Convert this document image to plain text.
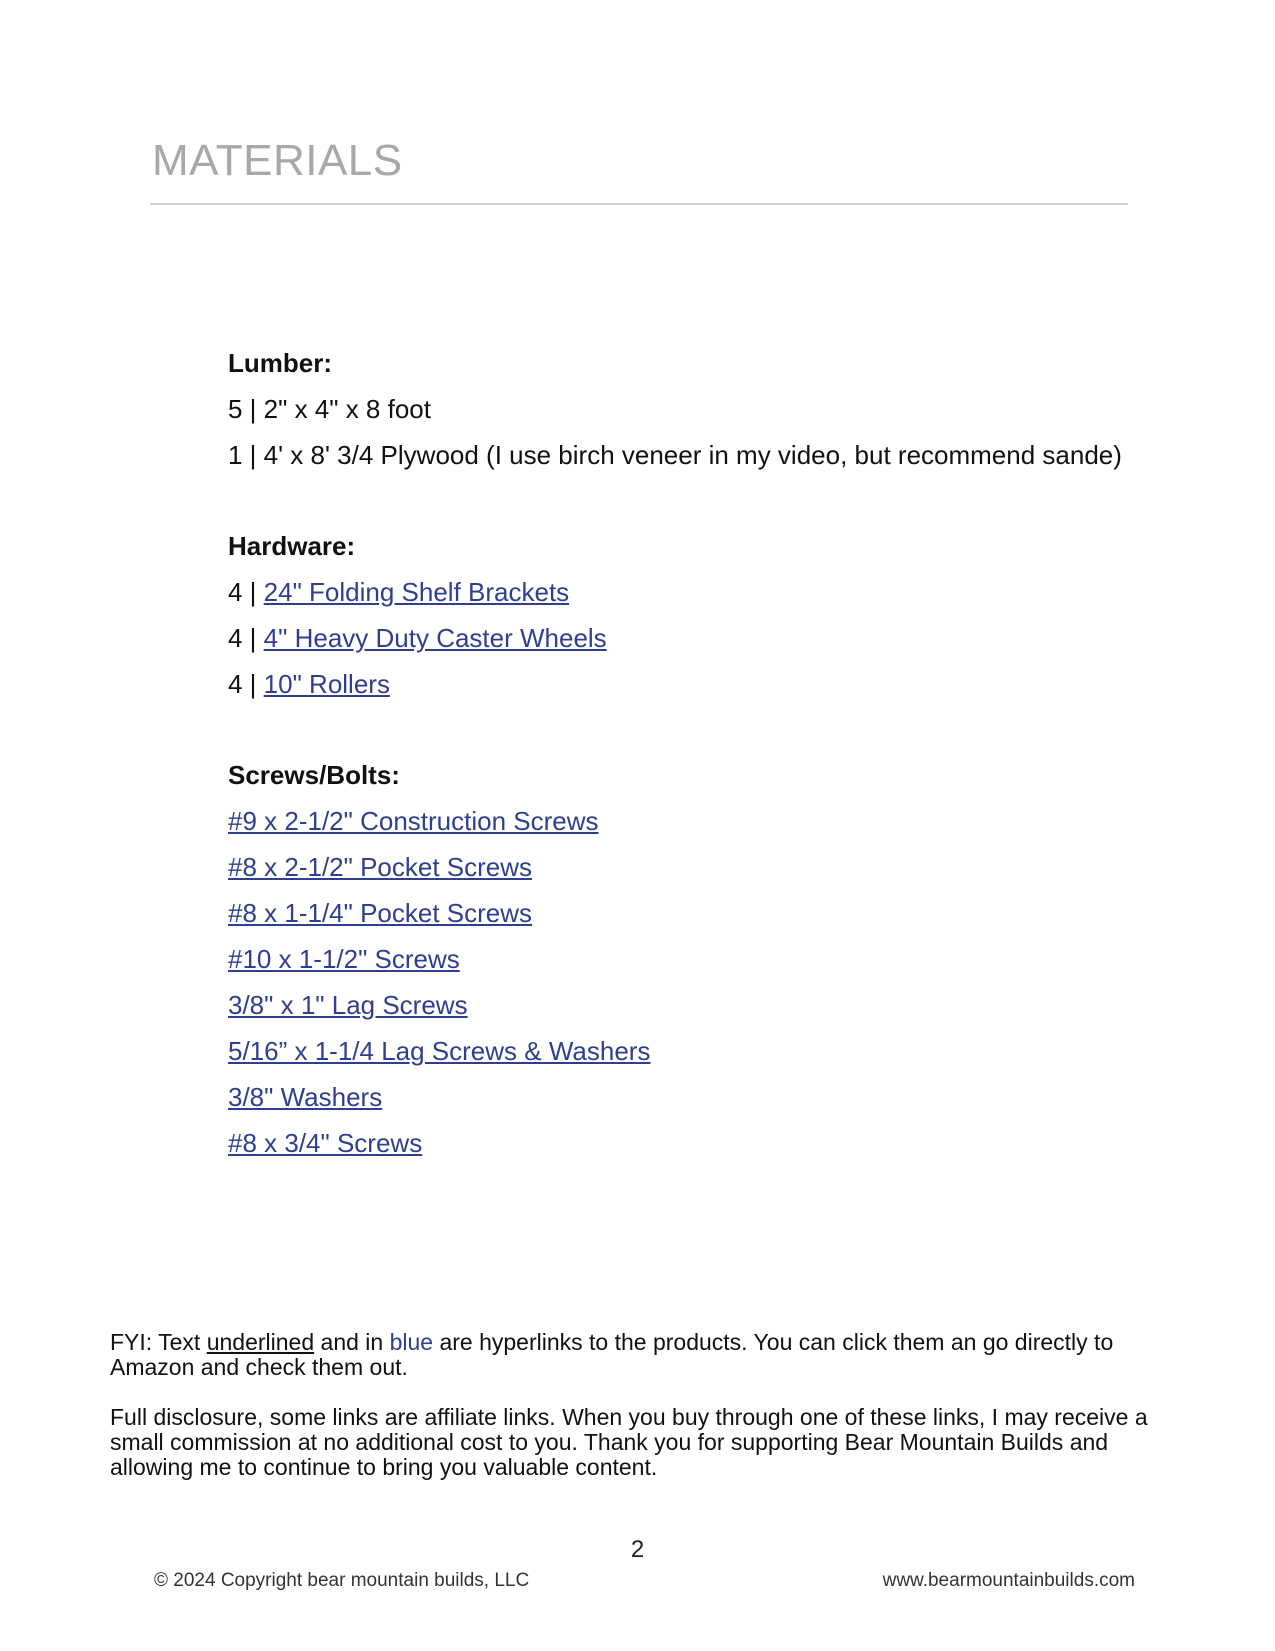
MATERIALS
Lumber:
5 | 2" x 4" x 8 foot
1 | 4' x 8' 3/4 Plywood (I use birch veneer in my video, but recommend sande)
Hardware:
4 | 24" Folding Shelf Brackets
4 | 4" Heavy Duty Caster Wheels
4 | 10" Rollers
Screws/Bolts:
#9 x 2-1/2" Construction Screws
#8 x 2-1/2" Pocket Screws
#8 x 1-1/4" Pocket Screws
#10 x 1-1/2" Screws
3/8" x 1" Lag Screws
5/16” x 1-1/4 Lag Screws & Washers
3/8" Washers
#8 x 3/4" Screws

FYI: Text underlined and in blue are hyperlinks to the products. You can click them an go directly to Amazon and check them out.

Full disclosure, some links are affiliate links. When you buy through one of these links, I may receive a small commission at no additional cost to you. Thank you for supporting Bear Mountain Builds and allowing me to continue to bring you valuable content.

2
© 2024 Copyright bear mountain builds, LLC	www.bearmountainbuilds.com
